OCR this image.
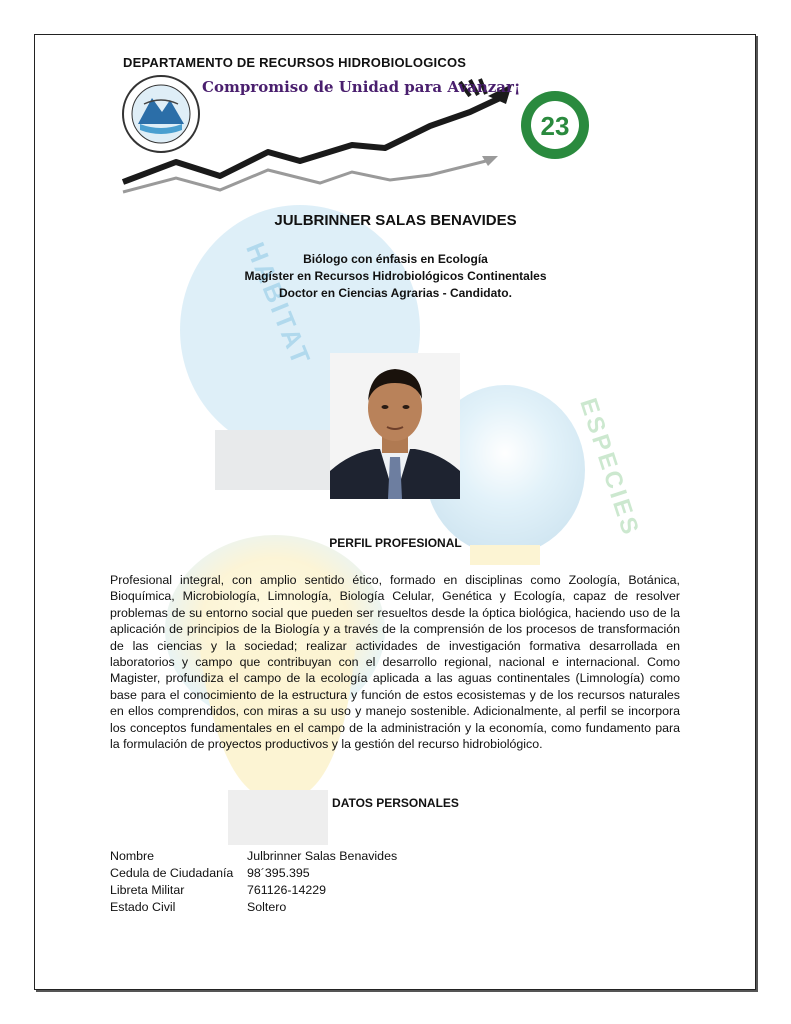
HABITAT
ESPECIES
23
DEPARTAMENTO DE RECURSOS HIDROBIOLOGICOS
Compromiso de Unidad para Avanzar¡
JULBRINNER SALAS BENAVIDES
Biólogo con énfasis en Ecología
Magíster en Recursos Hidrobiológicos Continentales
Doctor en Ciencias Agrarias - Candidato.
PERFIL PROFESIONAL
Profesional integral, con amplio sentido ético, formado en disciplinas como Zoología, Botánica, Bioquímica, Microbiología, Limnología, Biología Celular, Genética y Ecología, capaz de resolver problemas de su entorno social que pueden ser resueltos desde la óptica biológica, haciendo uso de la aplicación de principios de la Biología y a través de la comprensión de los procesos de transformación de las ciencias y la sociedad; realizar actividades de investigación formativa desarrollada en laboratorios y campo que contribuyan con el desarrollo regional, nacional e internacional. Como Magister, profundiza el campo de la ecología aplicada a las aguas continentales (Limnología) como base para el conocimiento de la estructura y función de estos ecosistemas y de los recursos naturales en ellos comprendidos, con miras a su uso y manejo sostenible. Adicionalmente, al perfil se incorpora los conceptos fundamentales en el campo de la administración y la economía, como fundamento para la formulación de proyectos productivos y la gestión del recurso hidrobiológico.
DATOS PERSONALES
Nombre	Julbrinner Salas Benavides
Cedula de Ciudadanía 98´395.395
Libreta Militar	761126-14229
Estado Civil	Soltero
